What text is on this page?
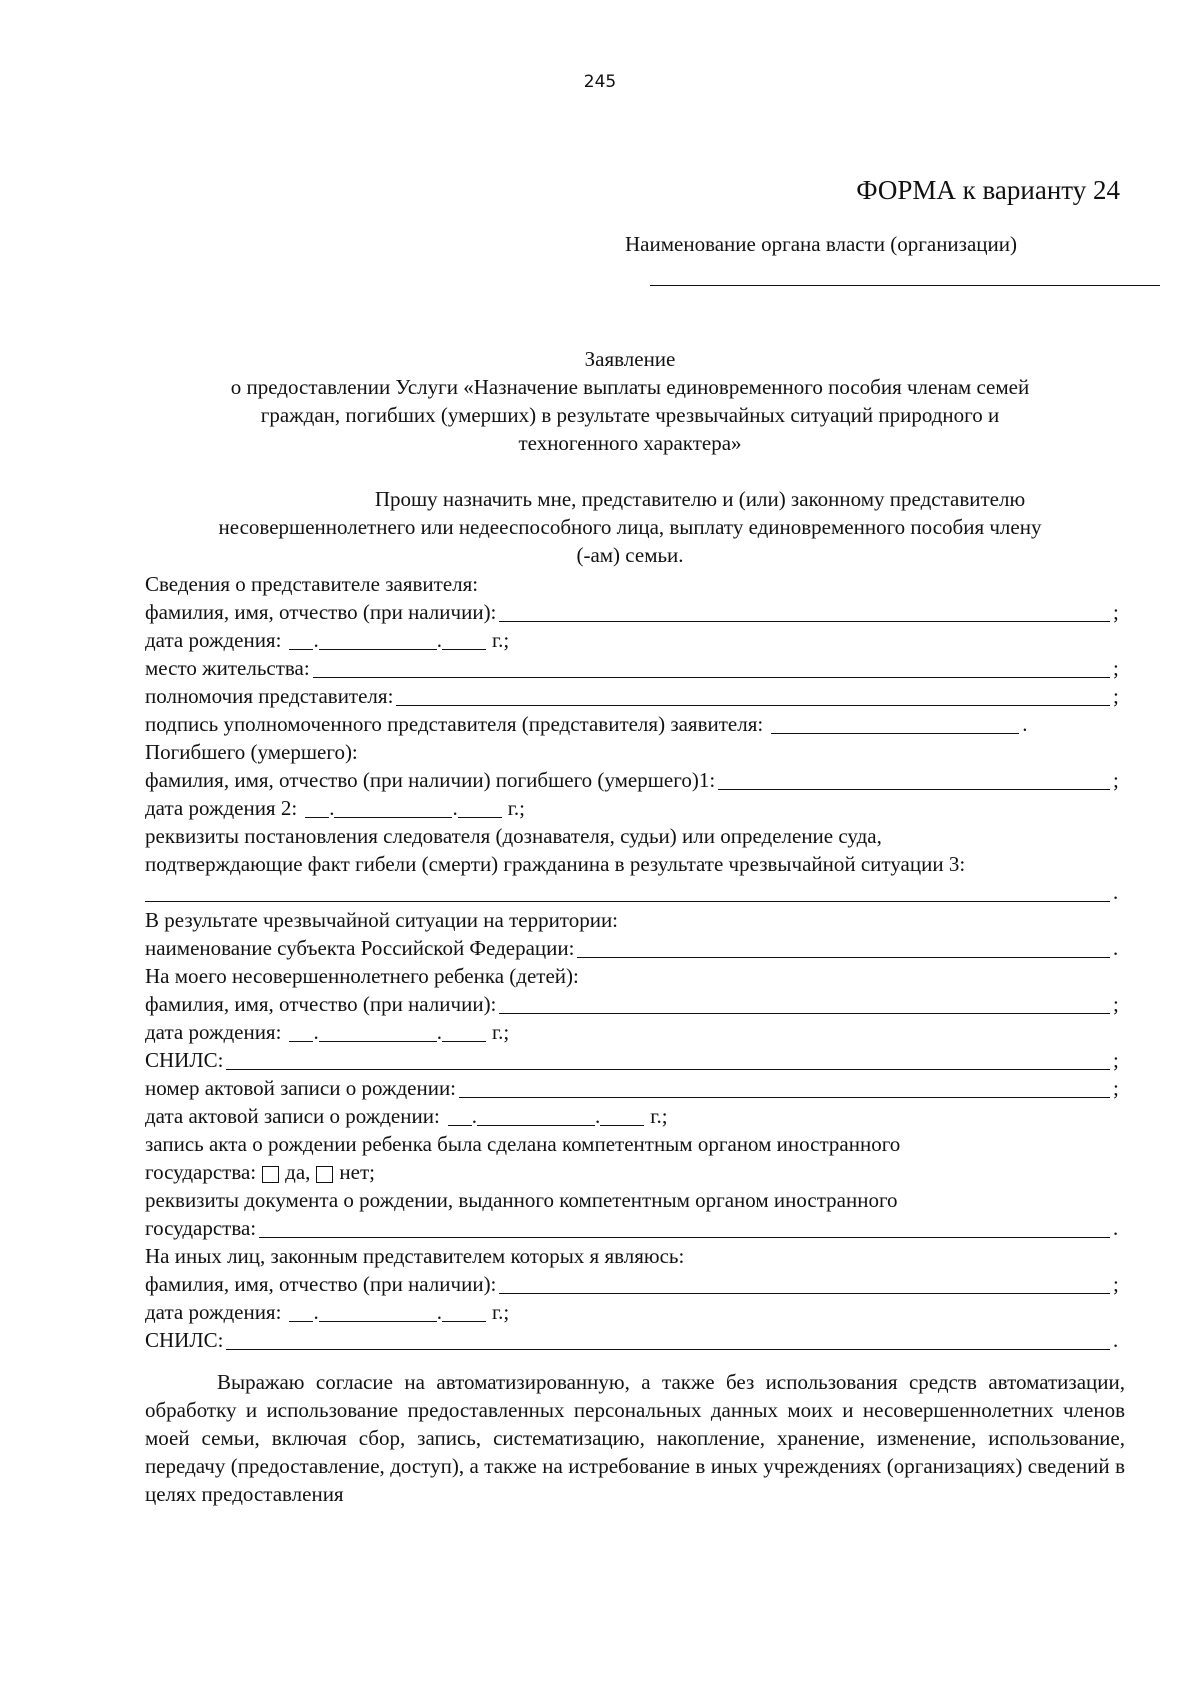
245
ФОРМА к варианту 24
Наименование органа власти (организации)
Заявление
о предоставлении Услуги «Назначение выплаты единовременного пособия членам семей
граждан, погибших (умерших) в результате чрезвычайных ситуаций природного и
техногенного характера»
Прошу назначить мне, представителю и (или) законному представителю
несовершеннолетнего или недееспособного лица, выплату единовременного пособия члену
(-ам) семьи.
Сведения о представителе заявителя:
фамилия, имя, отчество (при наличии):	;
дата рождения: .	. г.;
место жительства:	;
полномочия представителя:	;
подпись уполномоченного представителя (представителя) заявителя:	.
Погибшего (умершего):
фамилия, имя, отчество (при наличии) погибшего (умершего)1:	;
дата рождения 2: .	. г.;
реквизиты постановления следователя (дознавателя, судьи) или определение суда,
подтверждающие факт гибели (смерти) гражданина в результате чрезвычайной ситуации 3:
.
В результате чрезвычайной ситуации на территории:
наименование субъекта Российской Федерации:	.
На моего несовершеннолетнего ребенка (детей):
фамилия, имя, отчество (при наличии):	;
дата рождения: .	. г.;
СНИЛС:	;
номер актовой записи о рождении:	;
дата актовой записи о рождении: .	. г.;
запись акта о рождении ребенка была сделана компетентным органом иностранного
государства: да, нет;
реквизиты документа о рождении, выданного компетентным органом иностранного
государства:	.
На иных лиц, законным представителем которых я являюсь:
фамилия, имя, отчество (при наличии):	;
дата рождения: .	. г.;
СНИЛС:	.
Выражаю согласие на автоматизированную, а также без использования средств автоматизации, обработку и использование предоставленных персональных данных моих и несовершеннолетних членов моей семьи, включая сбор, запись, систематизацию, накопление, хранение, изменение, использование, передачу (предоставление, доступ), а также на истребование в иных учреждениях (организациях) сведений в целях предоставления
